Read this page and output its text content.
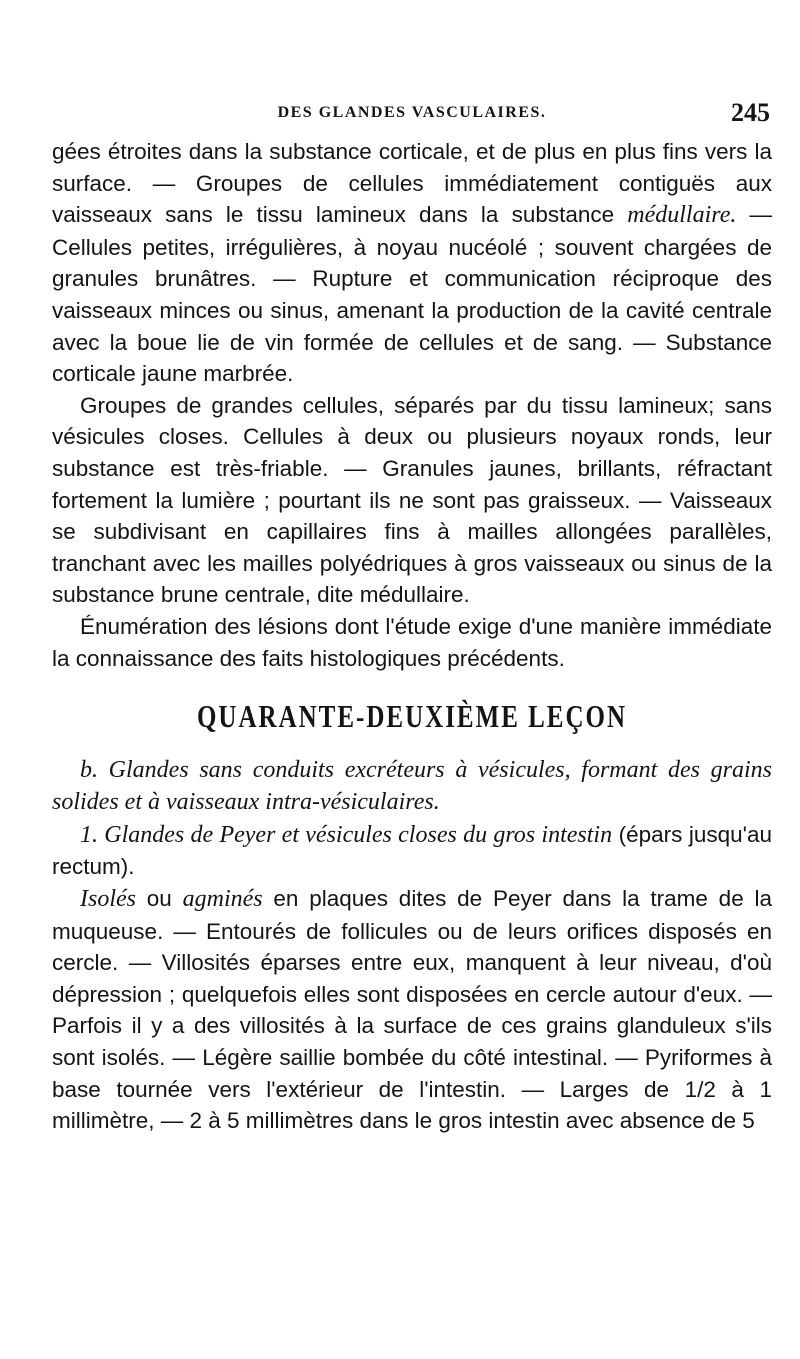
DES GLANDES VASCULAIRES.	245

gées étroites dans la substance corticale, et de plus en plus fins vers la surface. — Groupes de cellules immédiatement contiguës aux vaisseaux sans le tissu lamineux dans la substance médullaire. — Cellules petites, irrégulières, à noyau nucéolé ; souvent chargées de granules brunâtres. — Rupture et communication réciproque des vaisseaux minces ou sinus, amenant la production de la cavité centrale avec la boue lie de vin formée de cellules et de sang. — Substance corticale jaune marbrée.

Groupes de grandes cellules, séparés par du tissu lamineux; sans vésicules closes. Cellules à deux ou plusieurs noyaux ronds, leur substance est très-friable. — Granules jaunes, brillants, réfractant fortement la lumière ; pourtant ils ne sont pas graisseux. — Vaisseaux se subdivisant en capillaires fins à mailles allongées parallèles, tranchant avec les mailles polyédriques à gros vaisseaux ou sinus de la substance brune centrale, dite médullaire.

Énumération des lésions dont l'étude exige d'une manière immédiate la connaissance des faits histologiques précédents.

QUARANTE-DEUXIÈME LEÇON

b. Glandes sans conduits excréteurs à vésicules, formant des grains solides et à vaisseaux intra-vésiculaires.

1. Glandes de Peyer et vésicules closes du gros intestin (épars jusqu'au rectum).

Isolés ou agminés en plaques dites de Peyer dans la trame de la muqueuse. — Entourés de follicules ou de leurs orifices disposés en cercle. — Villosités éparses entre eux, manquent à leur niveau, d'où dépression ; quelquefois elles sont disposées en cercle autour d'eux. — Parfois il y a des villosités à la surface de ces grains glanduleux s'ils sont isolés. — Légère saillie bombée du côté intestinal. — Pyriformes à base tournée vers l'extérieur de l'intestin. — Larges de 1/2 à 1 millimètre, — 2 à 5 millimètres dans le gros intestin avec absence de 5
